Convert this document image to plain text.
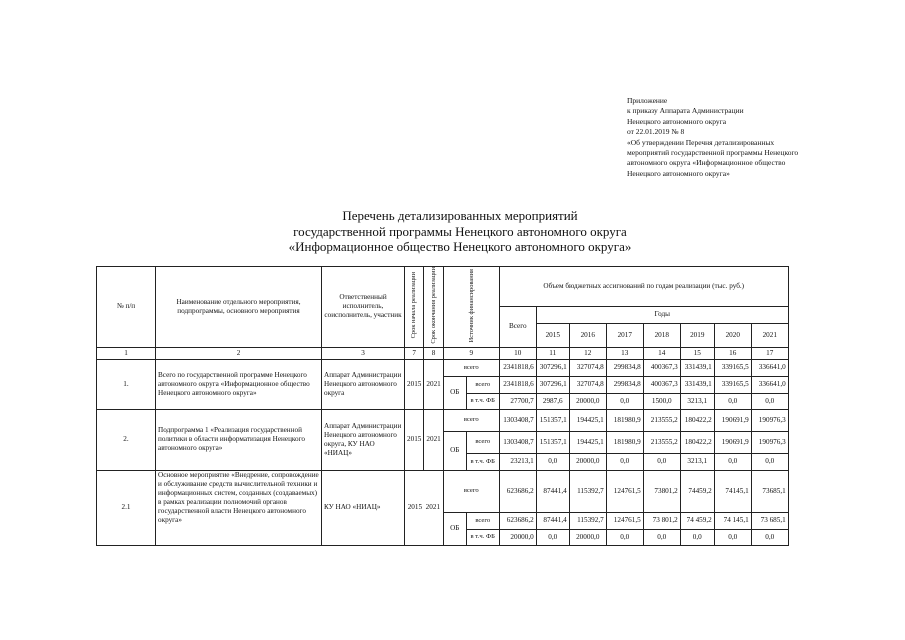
Приложение
к приказу Аппарата Администрации
Ненецкого автономного округа
от 22.01.2019 № 8
«Об утверждении Перечня детализированных
мероприятий государственной программы Ненецкого
автономного округа «Информационное общество
Ненецкого автономного округа»
Перечень детализированных мероприятий
государственной программы Ненецкого автономного округа
«Информационное общество Ненецкого автономного округа»
№ п/п	Наименование отдельного мероприятия, подпрограммы, основного мероприятия	Ответственный исполнитель, соисполнитель, участник	Срок начала реализации	Срок окончания реализации	Источник финансирования		Объем бюджетных ассигнований по годам реализации (тыс. руб.)							
							Всего	Годы						
								2015	2016	2017	2018	2019	2020	2021
1	2	3	7	8	9		10	11	12	13	14	15	16	17
1.	Всего по государственной программе Ненецкого автономного округа «Информационное общество Ненецкого автономного округа»	Аппарат Администрации Ненецкого автономного округа	2015	2021	всего		2341818,6	307296,1	327074,8	299834,8	400367,3	331439,1	339165,5	336641,0
					ОБ	всего	2341818,6	307296,1	327074,8	299834,8	400367,3	331439,1	339165,5	336641,0
						в т.ч. ФБ	27700,7	2987,6	20000,0	0,0	1500,0	3213,1	0,0	0,0
2.	Подпрограмма 1 «Реализация государственной политики в области информатизация Ненецкого автономного округа»	Аппарат Администрации Ненецкого автономного округа, КУ НАО «НИАЦ»	2015	2021	всего		1303408,7	151357,1	194425,1	181980,9	213555,2	180422,2	190691,9	190976,3
					ОБ	всего	1303408,7	151357,1	194425,1	181980,9	213555,2	180422,2	190691,9	190976,3
						в т.ч. ФБ	23213,1	0,0	20000,0	0,0	0,0	3213,1	0,0	0,0
2.1	Основное мероприятие «Внедрение, сопровождение и обслуживание средств вычислительной техники и информационных систем, созданных (создаваемых) в рамках реализации полномочий органов государственной власти Ненецкого автономного округа»	КУ НАО «НИАЦ»	2015 2021		всего		623686,2	87441,4	115392,7	124761,5	73801,2	74459,2	74145,1	73685,1
					ОБ	всего	623686,2	87441,4	115392,7	124761,5	73 801,2	74 459,2	74 145,1	73 685,1
						в т.ч. ФБ	20000,0	0,0	20000,0	0,0	0,0	0,0	0,0	0,0
